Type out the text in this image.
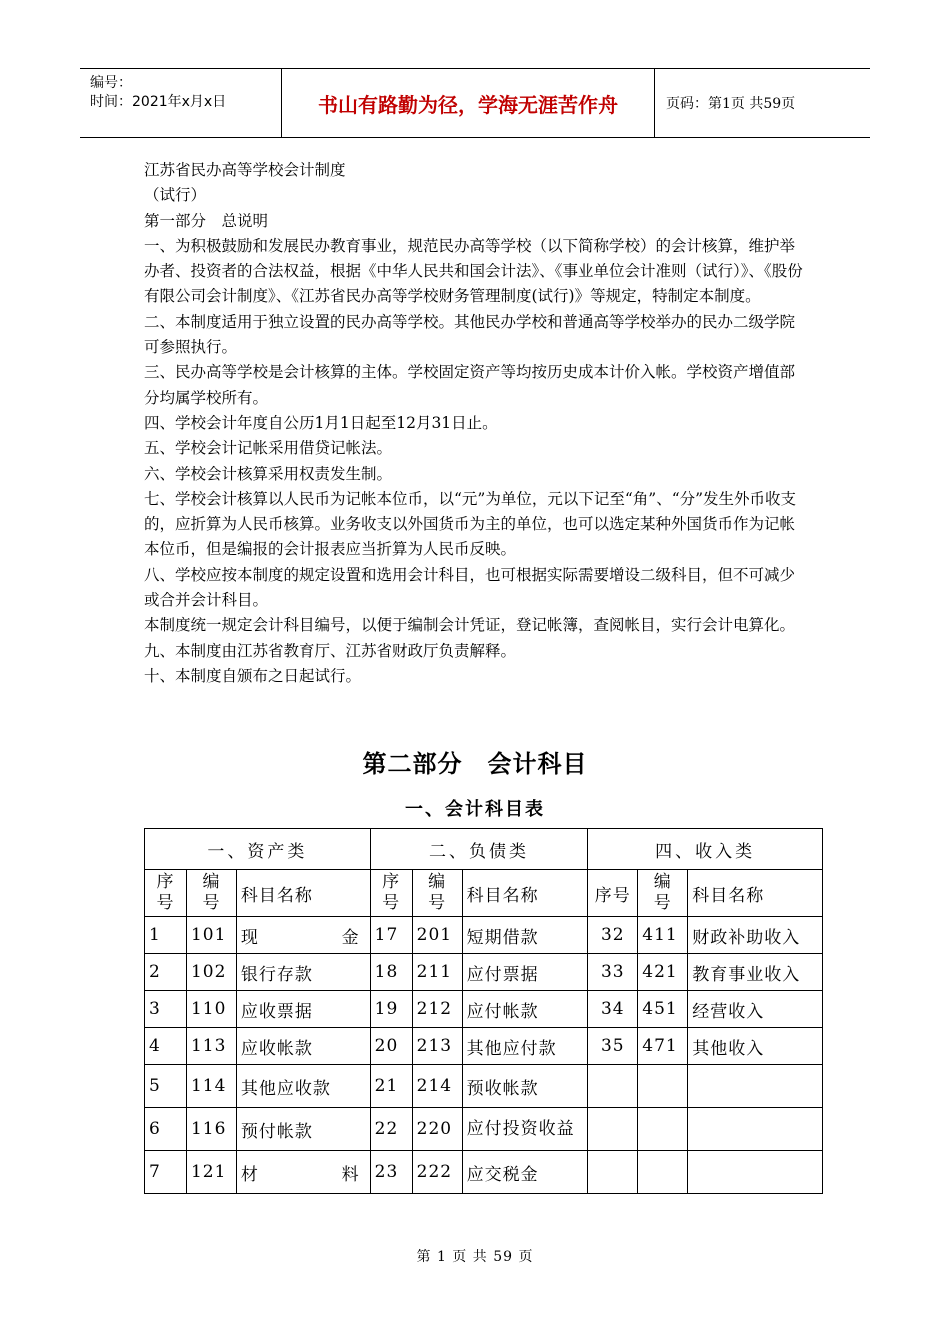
编号：
时间：2021年x月x日	书山有路勤为径，学海无涯苦作舟	页码：第1页 共59页

江苏省民办高等学校会计制度

（试行）

第一部分　总说明

一、为积极鼓励和发展民办教育事业，规范民办高等学校（以下简称学校）的会计核算，维护举办者、投资者的合法权益，根据《中华人民共和国会计法》、《事业单位会计准则（试行）》、《股份有限公司会计制度》、《江苏省民办高等学校财务管理制度(试行)》等规定，特制定本制度。

二、本制度适用于独立设置的民办高等学校。其他民办学校和普通高等学校举办的民办二级学院可参照执行。

三、民办高等学校是会计核算的主体。学校固定资产等均按历史成本计价入帐。学校资产增值部分均属学校所有。

四、学校会计年度自公历1月1日起至12月31日止。

五、学校会计记帐采用借贷记帐法。

六、学校会计核算采用权责发生制。

七、学校会计核算以人民币为记帐本位币，以“元”为单位，元以下记至“角”、“分”发生外币收支的，应折算为人民币核算。业务收支以外国货币为主的单位，也可以选定某种外国货币作为记帐本位币，但是编报的会计报表应当折算为人民币反映。

八、学校应按本制度的规定设置和选用会计科目，也可根据实际需要增设二级科目，但不可减少或合并会计科目。

本制度统一规定会计科目编号，以便于编制会计凭证，登记帐簿，查阅帐目，实行会计电算化。

九、本制度由江苏省教育厅、江苏省财政厅负责解释。

十、本制度自颁布之日起试行。

第二部分　会计科目
一、会计科目表
一、资产类			二、负债类			四、收入类		
序
号	编
号	科目名称	序
号	编
号	科目名称	序号	编
号	科目名称
1	101	现 金	17	201	短期借款	32	411	财政补助收入
2	102	银行存款	18	211	应付票据	33	421	教育事业收入
3	110	应收票据	19	212	应付帐款	34	451	经营收入
4	113	应收帐款	20	213	其他应付款	35	471	其他收入
5	114	其他应收款	21	214	预收帐款			
6	116	预付帐款	22	220	应付投资收益			
7	121	材 料	23	222	应交税金			
第 1 页 共 59 页
